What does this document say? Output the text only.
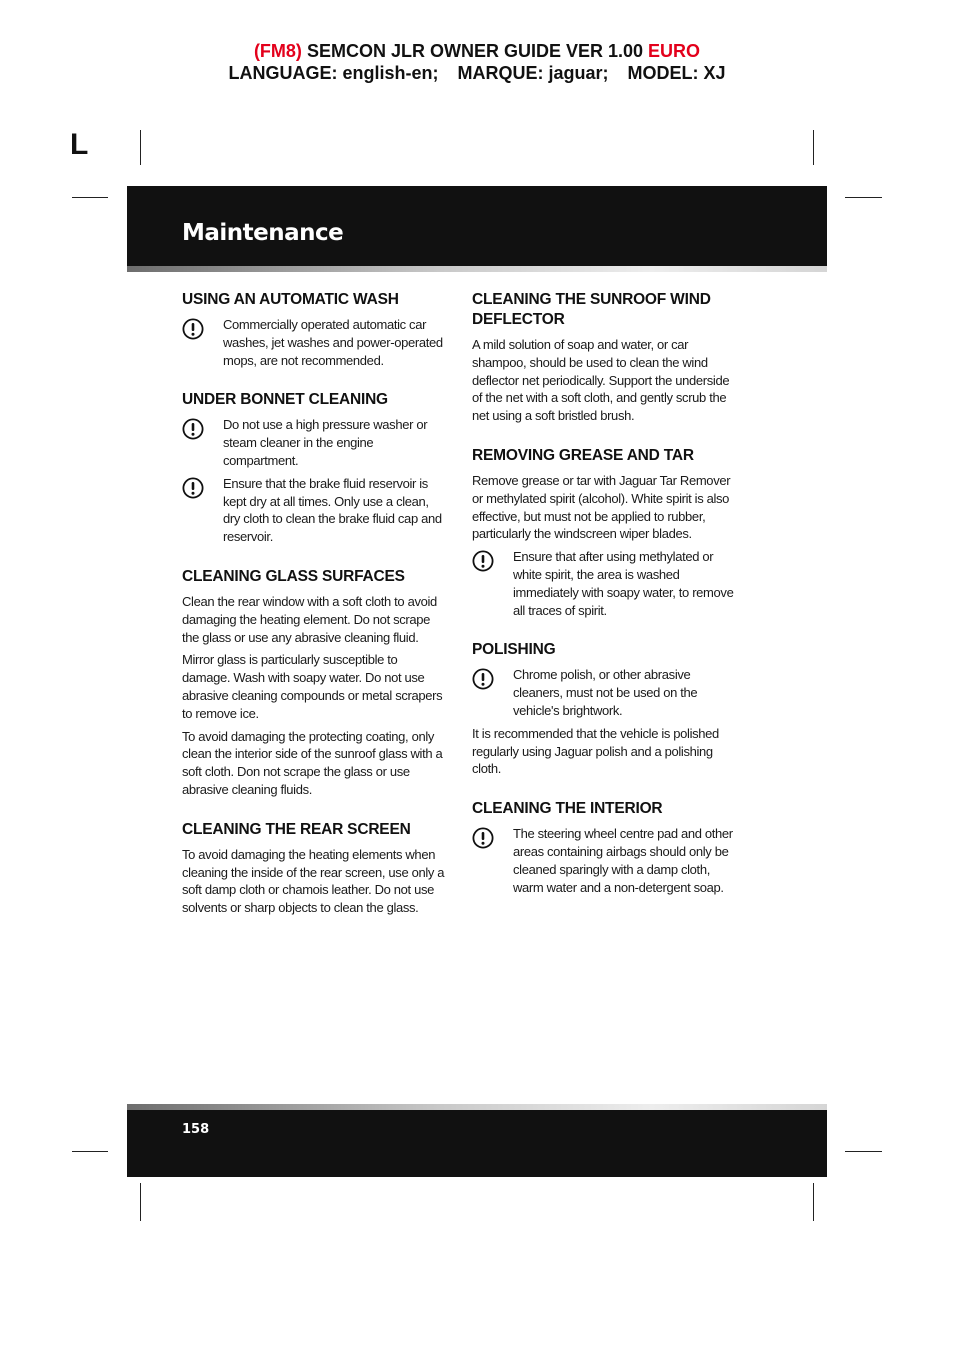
(FM8) SEMCON JLR OWNER GUIDE VER 1.00 EURO
LANGUAGE: english-en; MARQUE: jaguar; MODEL: XJ
L
Maintenance
USING AN AUTOMATIC WASH
Commercially operated automatic car washes, jet washes and power-operated mops, are not recommended.
UNDER BONNET CLEANING
Do not use a high pressure washer or steam cleaner in the engine compartment.
Ensure that the brake fluid reservoir is kept dry at all times. Only use a clean, dry cloth to clean the brake fluid cap and reservoir.
CLEANING GLASS SURFACES

Clean the rear window with a soft cloth to avoid damaging the heating element. Do not scrape the glass or use any abrasive cleaning fluid.

Mirror glass is particularly susceptible to damage. Wash with soapy water. Do not use abrasive cleaning compounds or metal scrapers to remove ice.

To avoid damaging the protecting coating, only clean the interior side of the sunroof glass with a soft cloth. Don not scrape the glass or use abrasive cleaning fluids.

CLEANING THE REAR SCREEN

To avoid damaging the heating elements when cleaning the inside of the rear screen, use only a soft damp cloth or chamois leather. Do not use solvents or sharp objects to clean the glass.

CLEANING THE SUNROOF WIND DEFLECTOR

A mild solution of soap and water, or car shampoo, should be used to clean the wind deflector net periodically. Support the underside of the net with a soft cloth, and gently scrub the net using a soft bristled brush.

REMOVING GREASE AND TAR

Remove grease or tar with Jaguar Tar Remover or methylated spirit (alcohol). White spirit is also effective, but must not be applied to rubber, particularly the windscreen wiper blades.

Ensure that after using methylated or white spirit, the area is washed immediately with soapy water, to remove all traces of spirit.
POLISHING
Chrome polish, or other abrasive cleaners, must not be used on the vehicle's brightwork.

It is recommended that the vehicle is polished regularly using Jaguar polish and a polishing cloth.

CLEANING THE INTERIOR
The steering wheel centre pad and other areas containing airbags should only be cleaned sparingly with a damp cloth, warm water and a non-detergent soap.
158
